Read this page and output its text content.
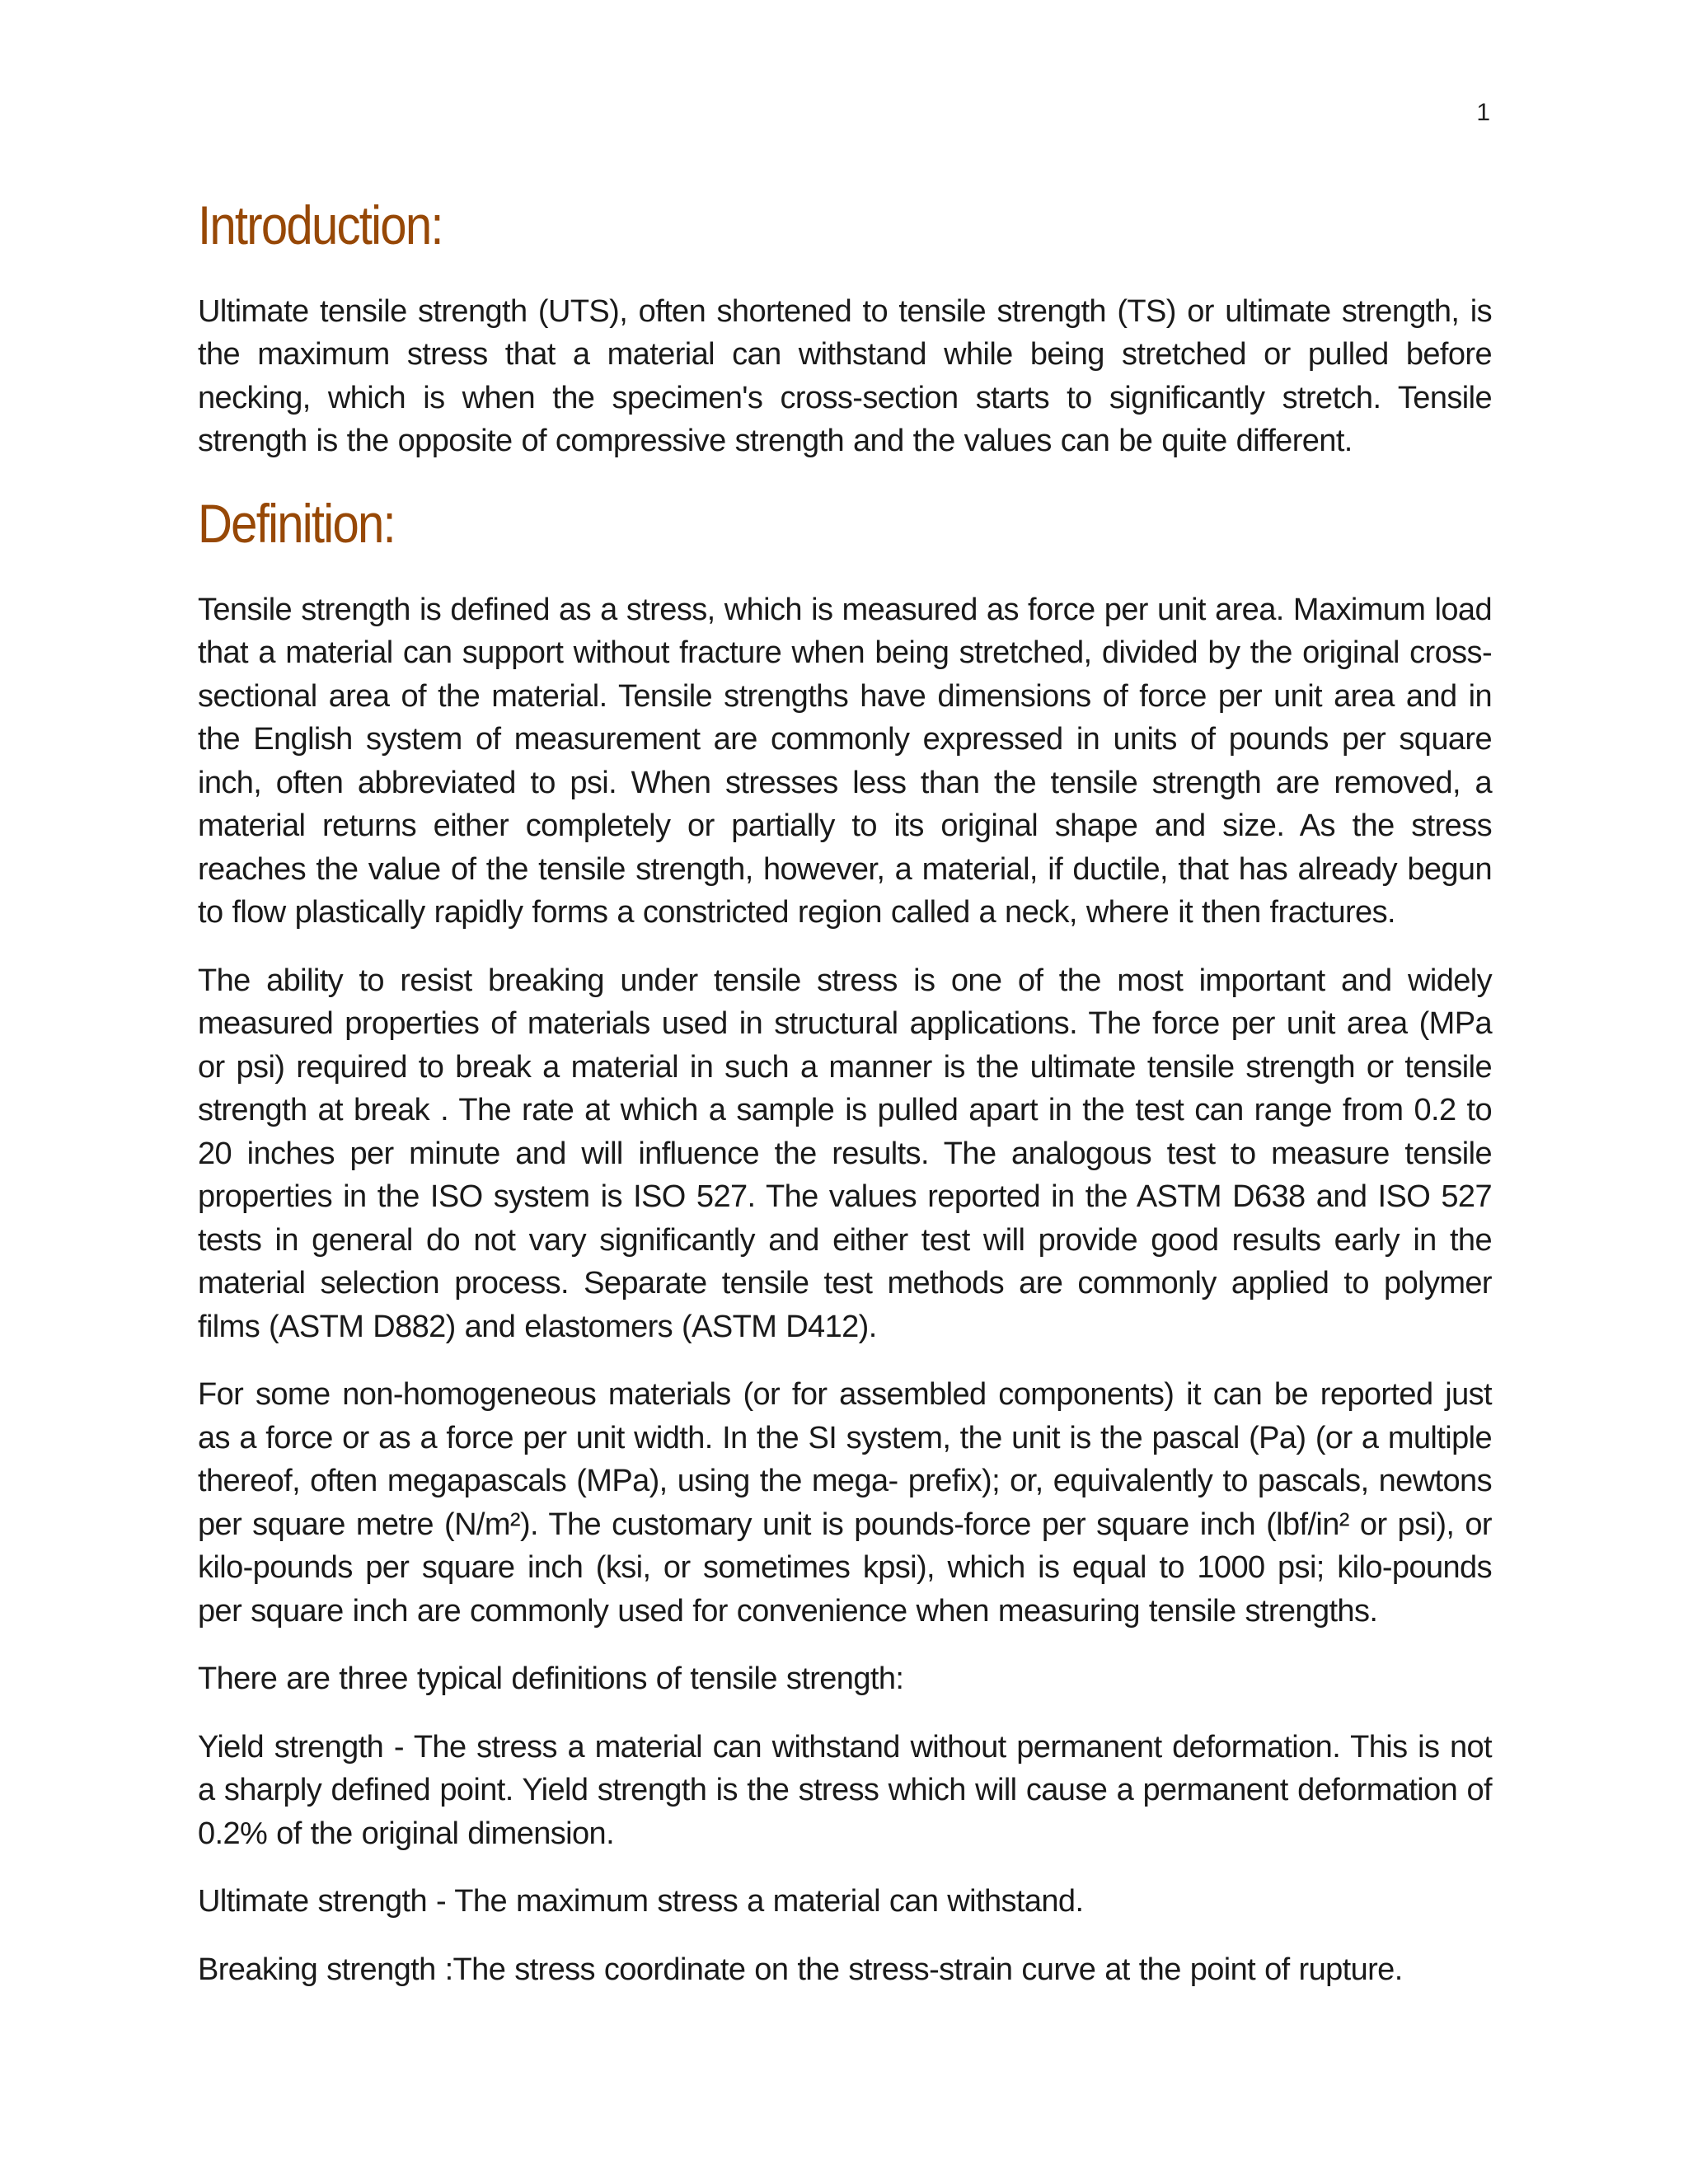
1
Introduction:

Ultimate tensile strength (UTS), often shortened to tensile strength (TS) or ultimate strength, is the maximum stress that a material can withstand while being stretched or pulled before necking, which is when the specimen's cross-section starts to significantly stretch. Tensile strength is the opposite of compressive strength and the values can be quite different.

Definition:

Tensile strength is defined as a stress, which is measured as force per unit area. Maximum load that a material can support without fracture when being stretched, divided by the original cross-sectional area of the material. Tensile strengths have dimensions of force per unit area and in the English system of measurement are commonly expressed in units of pounds per square inch, often abbreviated to psi. When stresses less than the tensile strength are removed, a material returns either completely or partially to its original shape and size. As the stress reaches the value of the tensile strength, however, a material, if ductile, that has already begun to flow plastically rapidly forms a constricted region called a neck, where it then fractures.

The ability to resist breaking under tensile stress is one of the most important and widely measured properties of materials used in structural applications. The force per unit area (MPa or psi) required to break a material in such a manner is the ultimate tensile strength or tensile strength at break . The rate at which a sample is pulled apart in the test can range from 0.2 to 20 inches per minute and will influence the results. The analogous test to measure tensile properties in the ISO system is ISO 527. The values reported in the ASTM D638 and ISO 527 tests in general do not vary significantly and either test will provide good results early in the material selection process. Separate tensile test methods are commonly applied to polymer films (ASTM D882) and elastomers (ASTM D412).

For some non-homogeneous materials (or for assembled components) it can be reported just as a force or as a force per unit width. In the SI system, the unit is the pascal (Pa) (or a multiple thereof, often megapascals (MPa), using the mega- prefix); or, equivalently to pascals, newtons per square metre (N/m²). The customary unit is pounds-force per square inch (lbf/in² or psi), or kilo-pounds per square inch (ksi, or sometimes kpsi), which is equal to 1000 psi; kilo-pounds per square inch are commonly used for convenience when measuring tensile strengths.

There are three typical definitions of tensile strength:

Yield strength - The stress a material can withstand without permanent deformation. This is not a sharply defined point. Yield strength is the stress which will cause a permanent deformation of 0.2% of the original dimension.

Ultimate strength - The maximum stress a material can withstand.

Breaking strength :The stress coordinate on the stress-strain curve at the point of rupture.
